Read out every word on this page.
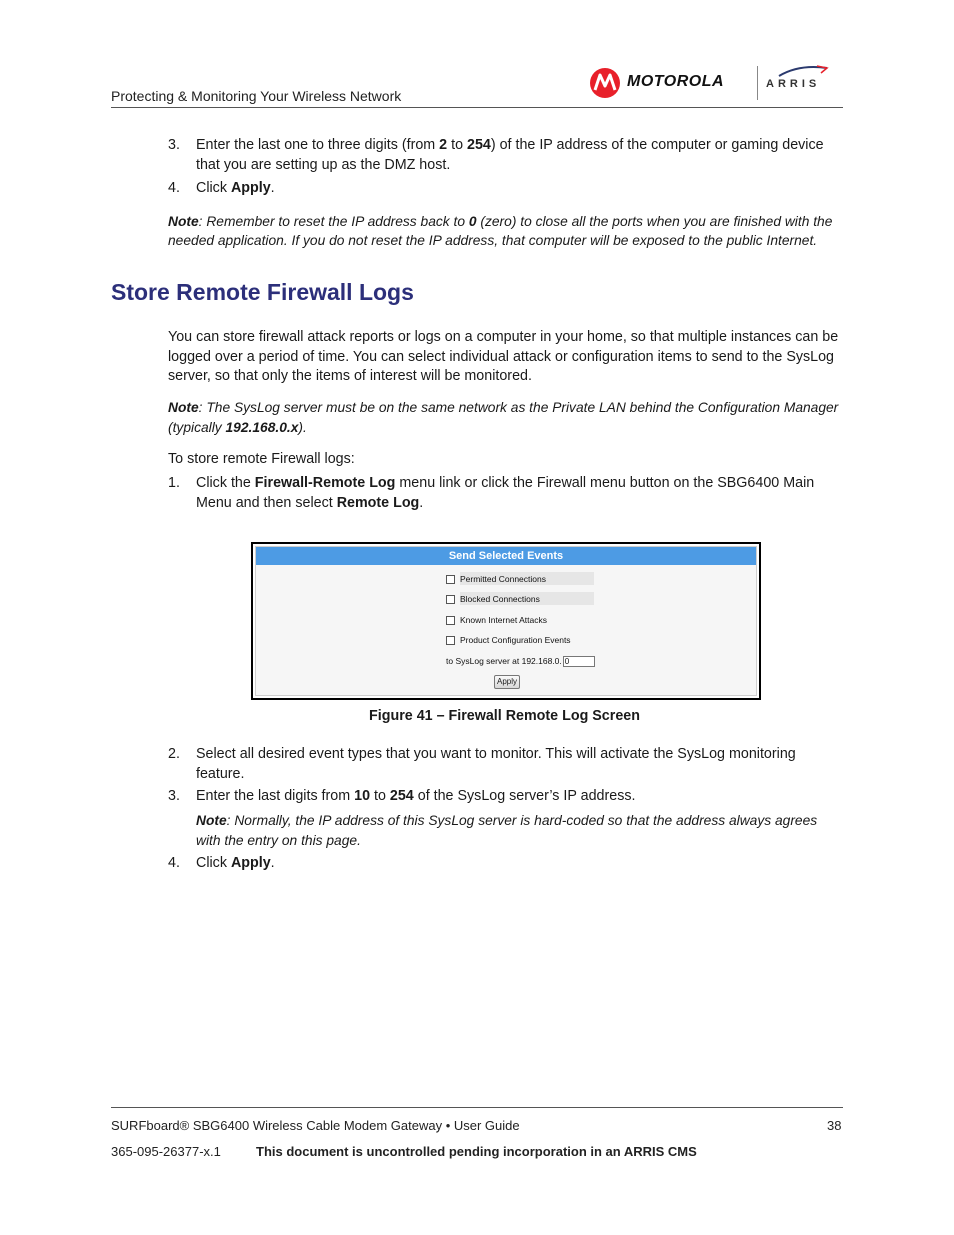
Protecting & Monitoring Your Wireless Network
MOTOROLA	ARRIS
3. Enter the last one to three digits (from 2 to 254) of the IP address of the computer or gaming device that you are setting up as the DMZ host.
4. Click Apply.
Note: Remember to reset the IP address back to 0 (zero) to close all the ports when you are finished with the needed application. If you do not reset the IP address, that computer will be exposed to the public Internet.
Store Remote Firewall Logs
You can store firewall attack reports or logs on a computer in your home, so that multiple instances can be logged over a period of time. You can select individual attack or configuration items to send to the SysLog server, so that only the items of interest will be monitored.
Note: The SysLog server must be on the same network as the Private LAN behind the Configuration Manager (typically 192.168.0.x).
To store remote Firewall logs:
1. Click the Firewall-Remote Log menu link or click the Firewall menu button on the SBG6400 Main Menu and then select Remote Log.
Send Selected Events
Permitted Connections
Blocked Connections
Known Internet Attacks
Product Configuration Events
to SysLog server at 192.168.0. 0
Apply
Figure 41 – Firewall Remote Log Screen
2. Select all desired event types that you want to monitor. This will activate the SysLog monitoring feature.
3. Enter the last digits from 10 to 254 of the SysLog server’s IP address.
Note: Normally, the IP address of this SysLog server is hard-coded so that the address always agrees with the entry on this page.
4. Click Apply.
SURFboard® SBG6400 Wireless Cable Modem Gateway • User Guide	38
365-095-26377-x.1	This document is uncontrolled pending incorporation in an ARRIS CMS
